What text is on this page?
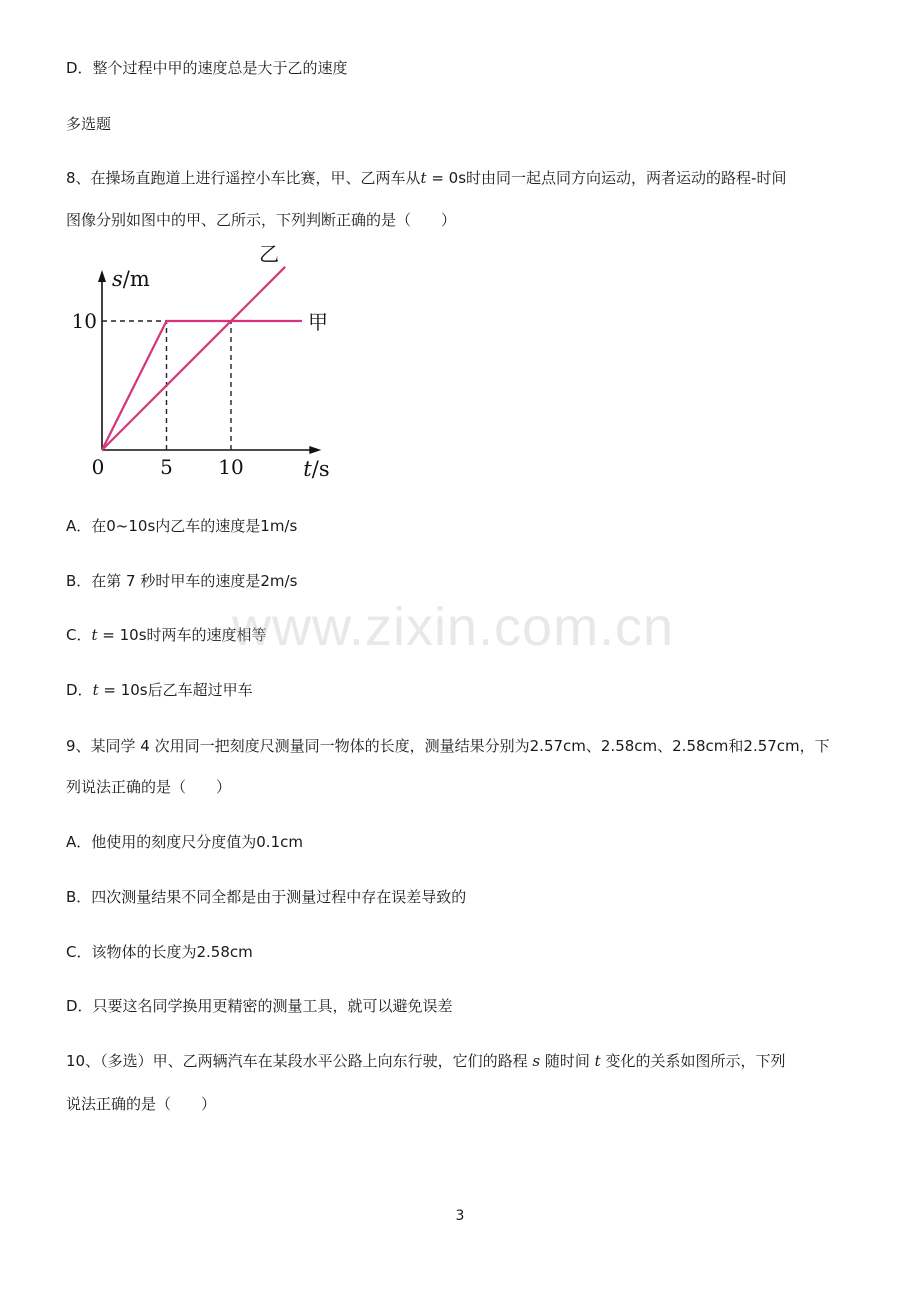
D．整个过程中甲的速度总是大于乙的速度
多选题
8、在操场直跑道上进行遥控小车比赛，甲、乙两车从t = 0s时由同一起点同方向运动，两者运动的路程-时间
图像分别如图中的甲、乙所示，下列判断正确的是（　　）
甲
乙
0	5 10
10
s/m
t/s
A．在0~10s内乙车的速度是1m/s
B．在第 7 秒时甲车的速度是2m/s
C．t = 10s时两车的速度相等
D．t = 10s后乙车超过甲车
9、某同学 4 次用同一把刻度尺测量同一物体的长度，测量结果分别为2.57cm、2.58cm、2.58cm和2.57cm，下
列说法正确的是（　　）
A．他使用的刻度尺分度值为0.1cm
B．四次测量结果不同全都是由于测量过程中存在误差导致的
C．该物体的长度为2.58cm
D．只要这名同学换用更精密的测量工具，就可以避免误差
10、（多选）甲、乙两辆汽车在某段水平公路上向东行驶，它们的路程 s 随时间 t 变化的关系如图所示，下列
说法正确的是（　　）
www.zixin.com.cn
3
